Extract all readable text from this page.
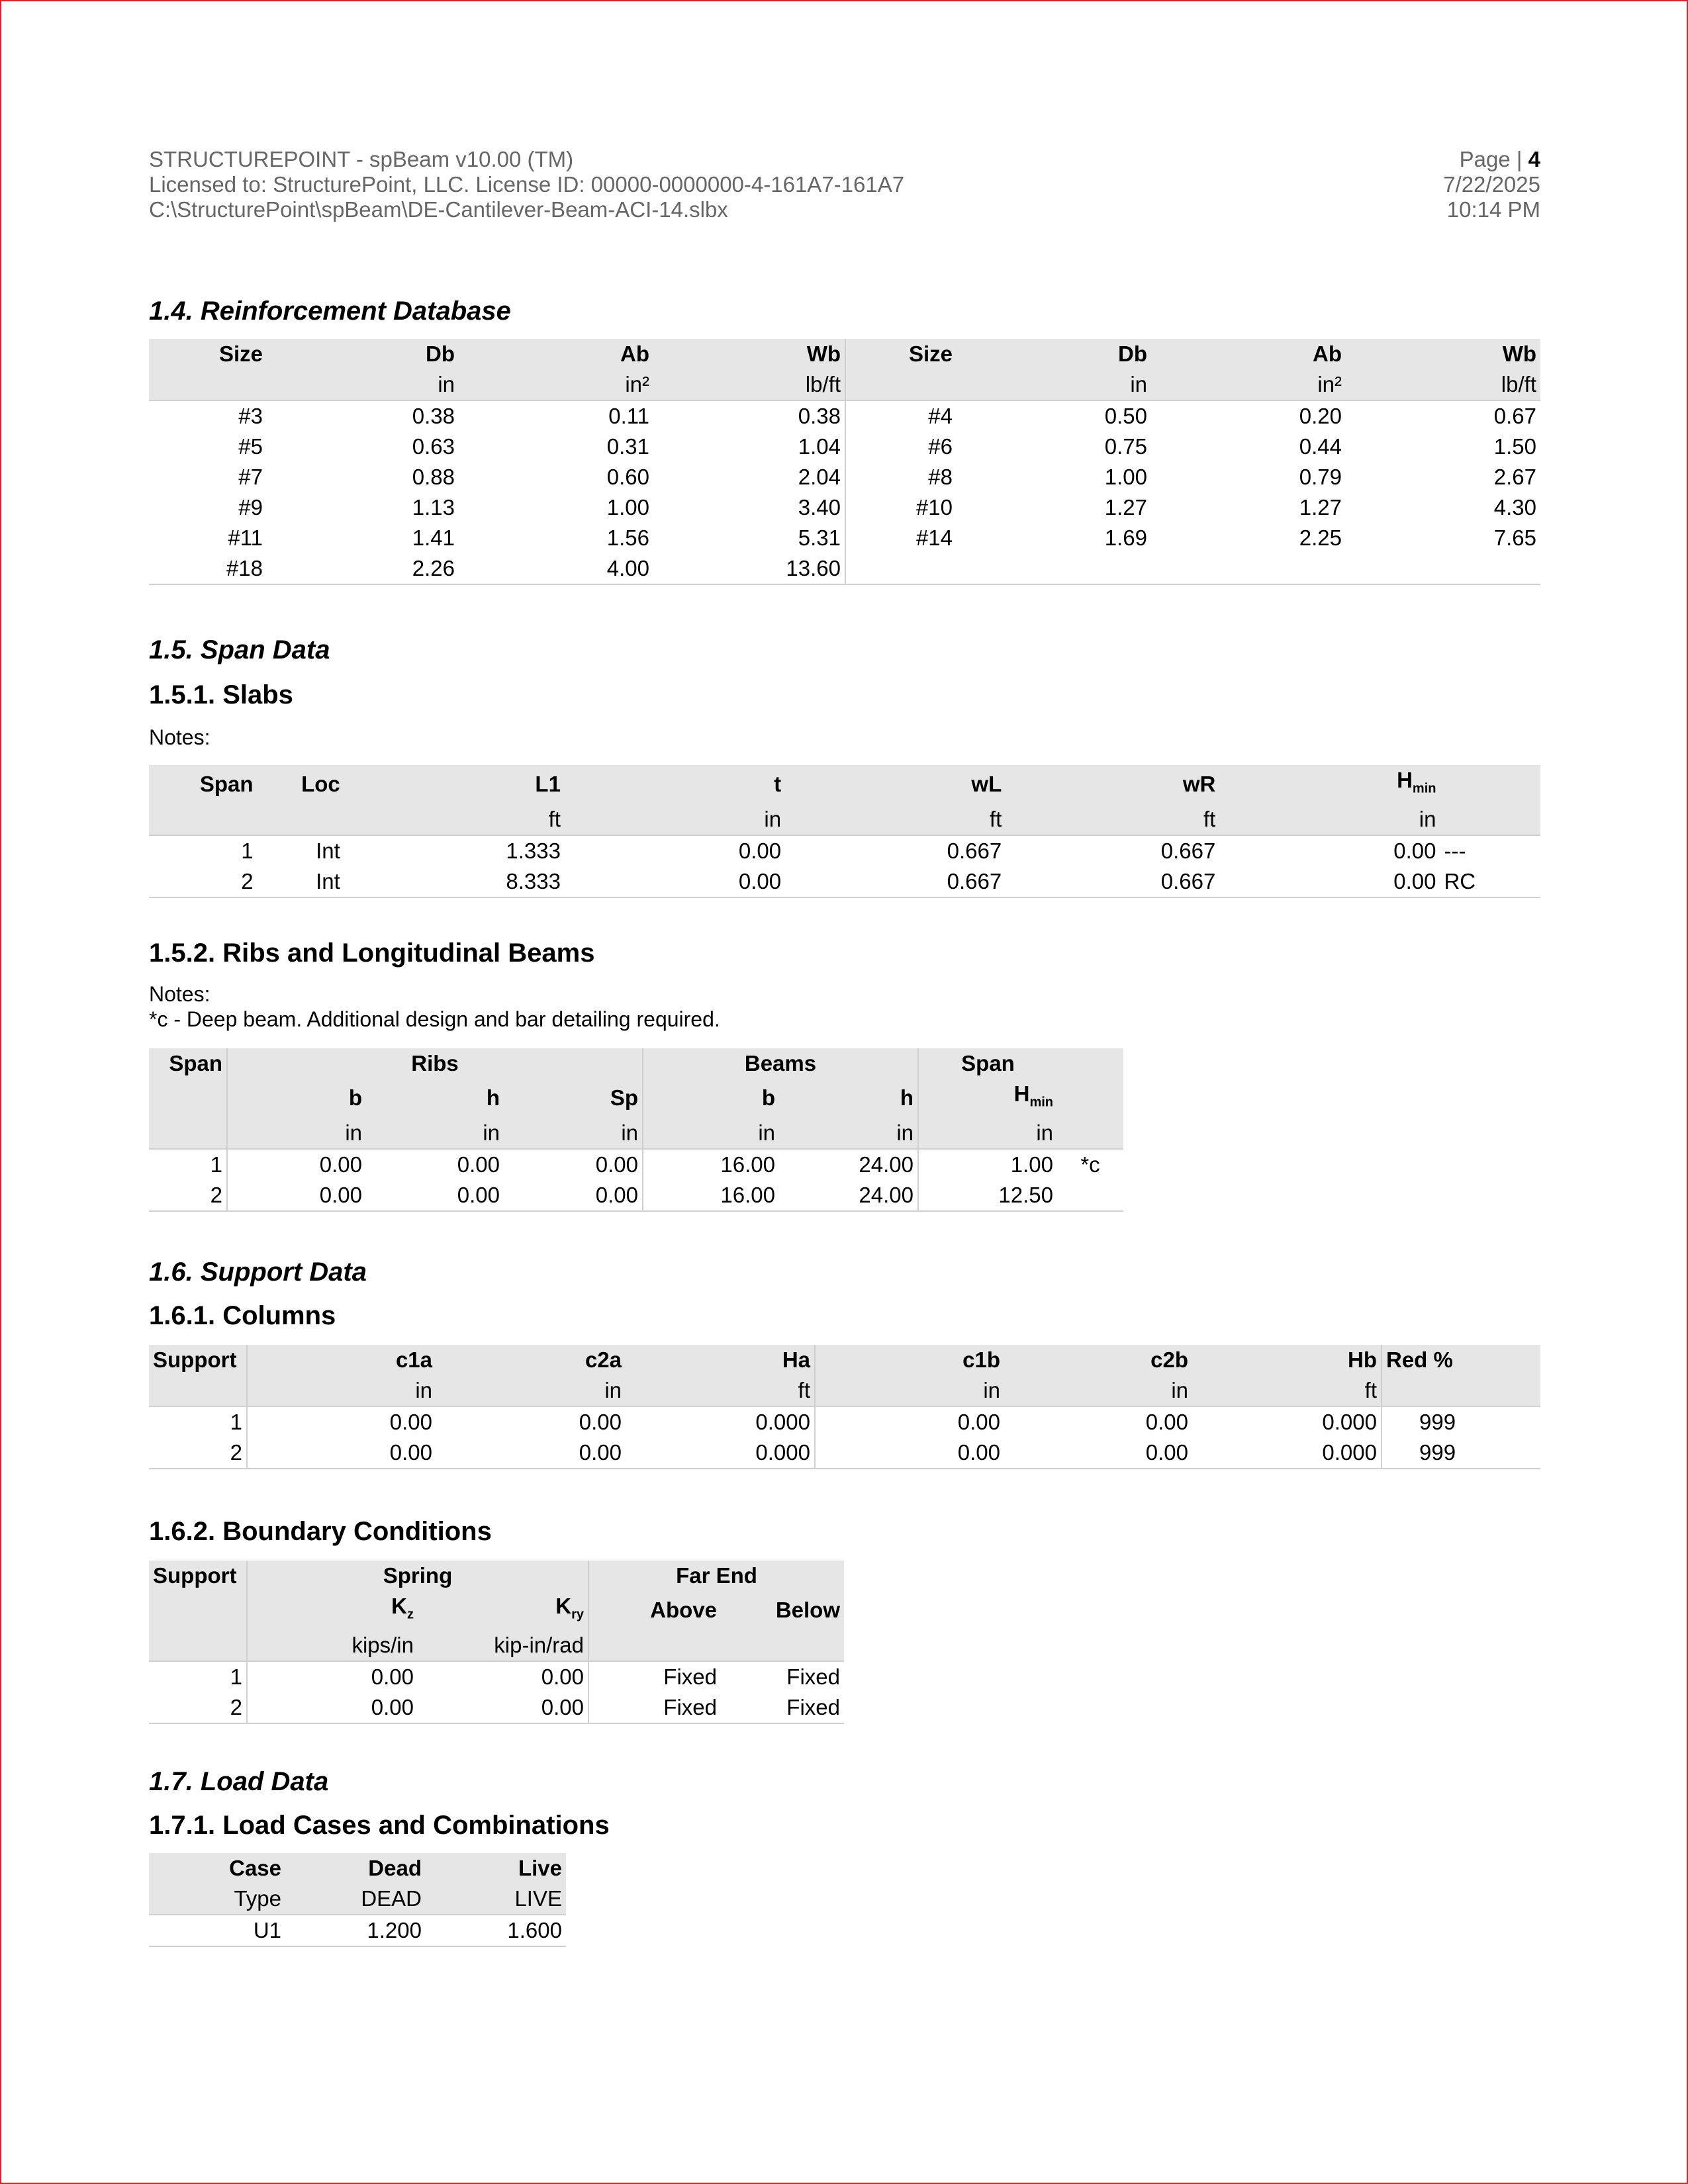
STRUCTUREPOINT - spBeam v10.00 (TM)
Licensed to: StructurePoint, LLC. License ID: 00000-0000000-4-161A7-161A7
C:\StructurePoint\spBeam\DE-Cantilever-Beam-ACI-14.slbx
Page | 4
7/22/2025
10:14 PM
1.4. Reinforcement Database
Size	Db	Ab	Wb	Size	Db	Ab	Wb
	in	in²	lb/ft		in	in²	lb/ft
#3	0.38	0.11	0.38	#4	0.50	0.20	0.67
#5	0.63	0.31	1.04	#6	0.75	0.44	1.50
#7	0.88	0.60	2.04	#8	1.00	0.79	2.67
#9	1.13	1.00	3.40	#10	1.27	1.27	4.30
#11	1.41	1.56	5.31	#14	1.69	2.25	7.65
#18	2.26	4.00	13.60				
1.5. Span Data
1.5.1. Slabs
Notes:
Span	Loc	L1	t	wL	wR	$H_{min}$	
		ft	in	ft	ft	in	
1	Int	1.333	0.00	0.667	0.667	0.00	---
2	Int	8.333	0.00	0.667	0.667	0.00	RC
1.5.2. Ribs and Longitudinal Beams
Notes:
*c - Deep beam. Additional design and bar detailing required.
Span	Ribs			Beams		Span	
	b	h	Sp	b	h	$H_{min}$	
	in	in	in	in	in	in	
1	0.00	0.00	0.00	16.00	24.00	1.00	*c
2	0.00	0.00	0.00	16.00	24.00	12.50	
1.6. Support Data
1.6.1. Columns
Support	c1a	c2a	Ha	c1b	c2b	Hb	Red %
	in	in	ft	in	in	ft	
1	0.00	0.00	0.000	0.00	0.00	0.000	999
2	0.00	0.00	0.000	0.00	0.00	0.000	999
1.6.2. Boundary Conditions
Support	Spring		Far End	
	$K_z$	$K_{ry}$	Above	Below
	kips/in	kip-in/rad		
1	0.00	0.00	Fixed	Fixed
2	0.00	0.00	Fixed	Fixed
1.7. Load Data
1.7.1. Load Cases and Combinations
Case	Dead	Live
Type	DEAD	LIVE
U1	1.200	1.600
